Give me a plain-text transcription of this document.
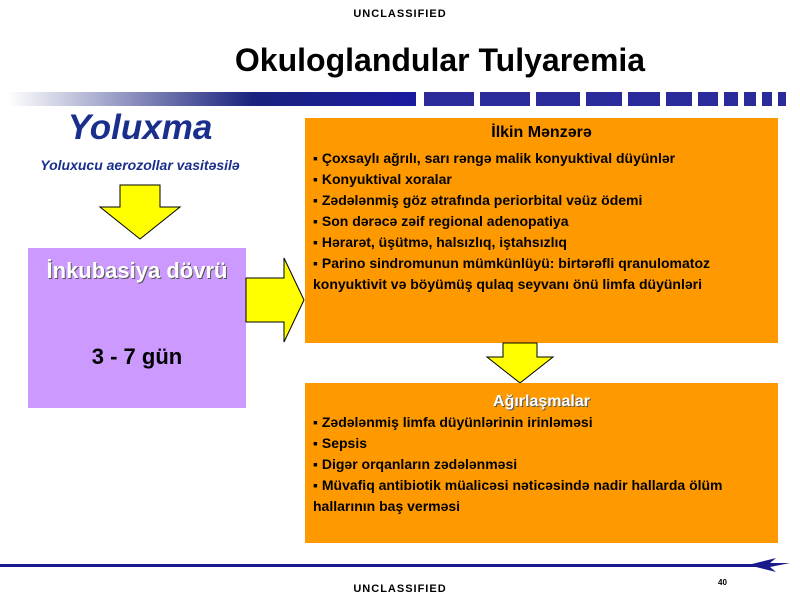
UNCLASSIFIED
Okuloglandular Tulyaremia
Yoluxma
Yoluxucu aerozollar vasitəsilə
İnkubasiya dövrü
3 - 7 gün
İlkin Mənzərə
▪ Çoxsaylı ağrılı, sarı rəngə malik konyuktival düyünlər
▪ Konyuktival xoralar
▪ Zədələnmiş göz ətrafında periorbital vəüz ödemi
▪ Son dərəcə zəif regional adenopatiya
▪ Hərarət, üşütmə, halsızlıq, iştahsızlıq
▪ Parino sindromunun mümkünlüyü: birtərəfli qranulomatoz konyuktivit və böyümüş qulaq seyvanı önü limfa düyünləri
Ağırlaşmalar
▪ Zədələnmiş limfa düyünlərinin irinləməsi
▪ Sepsis
▪ Digər orqanların zədələnməsi
▪ Müvafiq antibiotik müalicəsi nəticəsində nadir hallarda ölüm hallarının baş verməsi
40
UNCLASSIFIED
